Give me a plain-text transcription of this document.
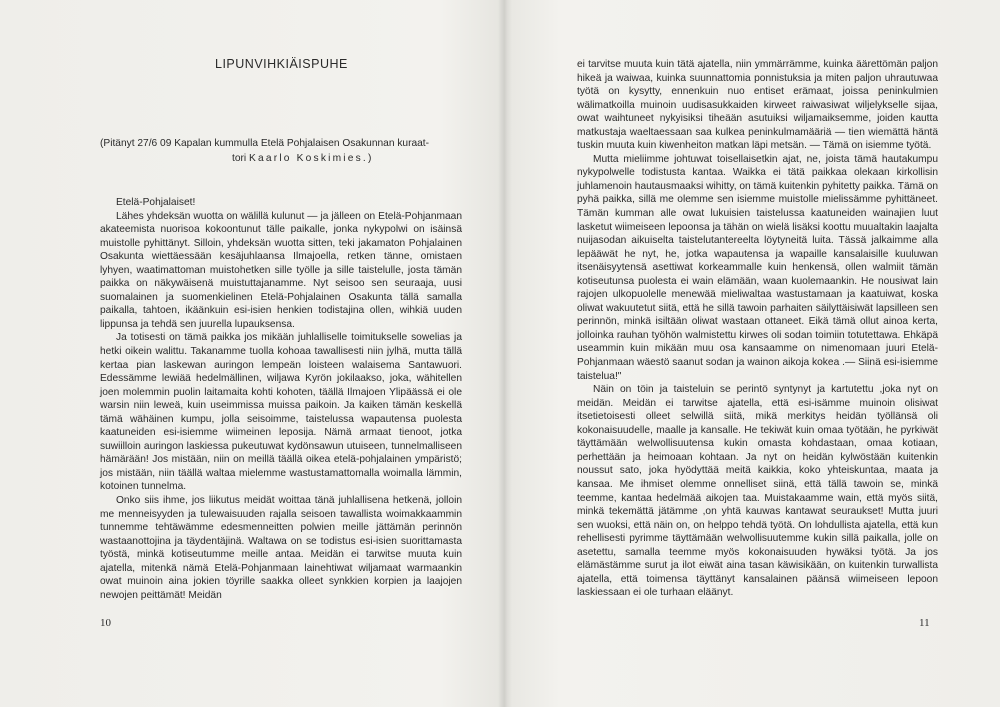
LIPUNVIHKIÄISPUHE

(Pitänyt 27/6 09 Kapalan kummulla Etelä Pohjalaisen Osakunnan kuraat-
tori Kaarlo Koskimies.)

Etelä-Pohjalaiset!

Lähes yhdeksän wuotta on wälillä kulunut — ja jälleen on Etelä-Pohjanmaan akateemista nuorisoa kokoontunut tälle paikalle, jonka nykypolwi on isäinsä muistolle pyhittänyt. Silloin, yhdeksän wuotta sitten, teki jakamaton Pohjalainen Osakunta wiettäessään kesäjuhlaansa Ilmajoella, retken tänne, omistaen lyhyen, waatimattoman muistohetken sille työlle ja sille taistelulle, josta tämän paikka on näkywäisenä muistuttajanamme. Nyt seisoo sen seuraaja, uusi suomalainen ja suomenkielinen Etelä-Pohjalainen Osakunta tällä samalla paikalla, tahtoen, ikäänkuin esi-isien henkien todistajina ollen, wihkiä uuden lippunsa ja tehdä sen juurella lupauksensa.

Ja totisesti on tämä paikka jos mikään juhlalliselle toimitukselle sowelias ja hetki oikein walittu. Takanamme tuolla kohoaa tawallisesti niin jylhä, mutta tällä kertaa pian laskewan auringon lempeän loisteen walaisema Santawuori. Edessämme lewiää hedelmällinen, wiljawa Kyrön jokilaakso, joka, wähitellen joen molemmin puolin laitamaita kohti kohoten, täällä Ilmajoen Ylipäässä ei ole warsin niin leweä, kuin useimmissa muissa paikoin. Ja kaiken tämän keskellä tämä wähäinen kumpu, jolla seisoimme, taistelussa wapautensa puolesta kaatuneiden esi-isiemme wiimeinen leposija. Nämä armaat tienoot, jotka suwiilloin auringon laskiessa pukeutuwat kydönsawun utuiseen, tunnelmalliseen hämärään! Jos mistään, niin on meillä täällä oikea etelä-pohjalainen ympäristö; jos mistään, niin täällä waltaa mielemme wastustamattomalla woimalla lämmin, kotoinen tunnelma.

Onko siis ihme, jos liikutus meidät woittaa tänä juhlallisena hetkenä, jolloin me menneisyyden ja tulewaisuuden rajalla seisoen tawallista woimakkaammin tunnemme tehtäwämme edesmenneitten polwien meille jättämän perinnön wastaanottojina ja täydentäjinä. Waltawa on se todistus esi-isien suorittamasta työstä, minkä kotiseutumme meille antaa. Meidän ei tarwitse muuta kuin ajatella, mitenkä nämä Etelä-Pohjanmaan lainehtiwat wiljamaat warmaankin owat muinoin aina jokien töyrille saakka olleet synkkien korpien ja laajojen newojen peittämät! Meidän

10

ei tarvitse muuta kuin tätä ajatella, niin ymmärrämme, kuinka äärettömän paljon hikeä ja waiwaa, kuinka suunnattomia ponnistuksia ja miten paljon uhrautuwaa työtä on kysytty, ennenkuin nuo entiset erämaat, joissa peninkulmien wälimatkoilla muinoin uudisasukkaiden kirweet raiwasiwat wiljelykselle sijaa, owat waihtuneet nykyisiksi tiheään asutuiksi wiljamaiksemme, joiden kautta matkustaja waeltaessaan saa kulkea peninkulmamääriä — tien wiemättä häntä tuskin muuta kuin kiwenheiton matkan läpi metsän. — Tämä on isiemme työtä.

Mutta mieliimme johtuwat toisellaisetkin ajat, ne, joista tämä hautakumpu nykypolwelle todistusta kantaa. Waikka ei tätä paikkaa olekaan kirkollisin juhlamenoin hautausmaaksi wihitty, on tämä kuitenkin pyhitetty paikka. Tämä on pyhä paikka, sillä me olemme sen isiemme muistolle mielissämme pyhittäneet. Tämän kumman alle owat lukuisien taistelussa kaatuneiden wainajien luut lasketut wiimeiseen lepoonsa ja tähän on wielä lisäksi koottu muualtakin laajalta nuijasodan aikuiselta taistelutantereelta löytyneitä luita. Tässä jalkaimme alla lepääwät he nyt, he, jotka wapautensa ja wapaille kansalaisille kuuluwan itsenäisyytensä asettiwat korkeammalle kuin henkensä, ollen walmiit tämän kotiseutunsa puolesta ei wain elämään, waan kuolemaankin. He nousiwat lain rajojen ulkopuolelle menewää mieliwaltaa wastustamaan ja kaatuiwat, koska oliwat wakuutetut siitä, että he sillä tawoin parhaiten säilyttäisiwät lapsilleen sen perinnön, minkä isiltään oliwat wastaan ottaneet. Eikä tämä ollut ainoa kerta, jolloinka rauhan työhön walmistettu kirwes oli sodan toimiin totutettawa. Ehkäpä useammin kuin mikään muu osa kansaamme on nimenomaan juuri Etelä-Pohjanmaan wäestö saanut sodan ja wainon aikoja kokea .— Siinä esi-isiemme taistelua!"

Näin on töin ja taisteluin se perintö syntynyt ja kartutettu ,joka nyt on meidän. Meidän ei tarwitse ajatella, että esi-isämme muinoin olisiwat itsetietoisesti olleet selwillä siitä, mikä merkitys heidän työllänsä oli kokonaisuudelle, maalle ja kansalle. He tekiwät kuin omaa työtään, he pyrkiwät täyttämään welwollisuutensa kukin omasta kohdastaan, omaa kotiaan, perhettään ja heimoaan kohtaan. Ja nyt on heidän kylwöstään kuitenkin noussut sato, joka hyödyttää meitä kaikkia, koko yhteiskuntaa, maata ja kansaa. Me ihmiset olemme onnelliset siinä, että tällä tawoin se, minkä teemme, kantaa hedelmää aikojen taa. Muistakaamme wain, että myös siitä, minkä tekemättä jätämme ,on yhtä kauwas kantawat seuraukset! Mutta juuri sen wuoksi, että näin on, on helppo tehdä työtä. On lohdullista ajatella, että kun rehellisesti pyrimme täyttämään welwollisuutemme kukin sillä paikalla, jolle on asetettu, samalla teemme myös kokonaisuuden hywäksi työtä. Ja jos elämästämme surut ja ilot eiwät aina tasan käwisikään, on kuitenkin turwallista ajatella, että toimensa täyttänyt kansalainen päänsä wiimeiseen lepoon laskiessaan ei ole turhaan eläänyt.

11
